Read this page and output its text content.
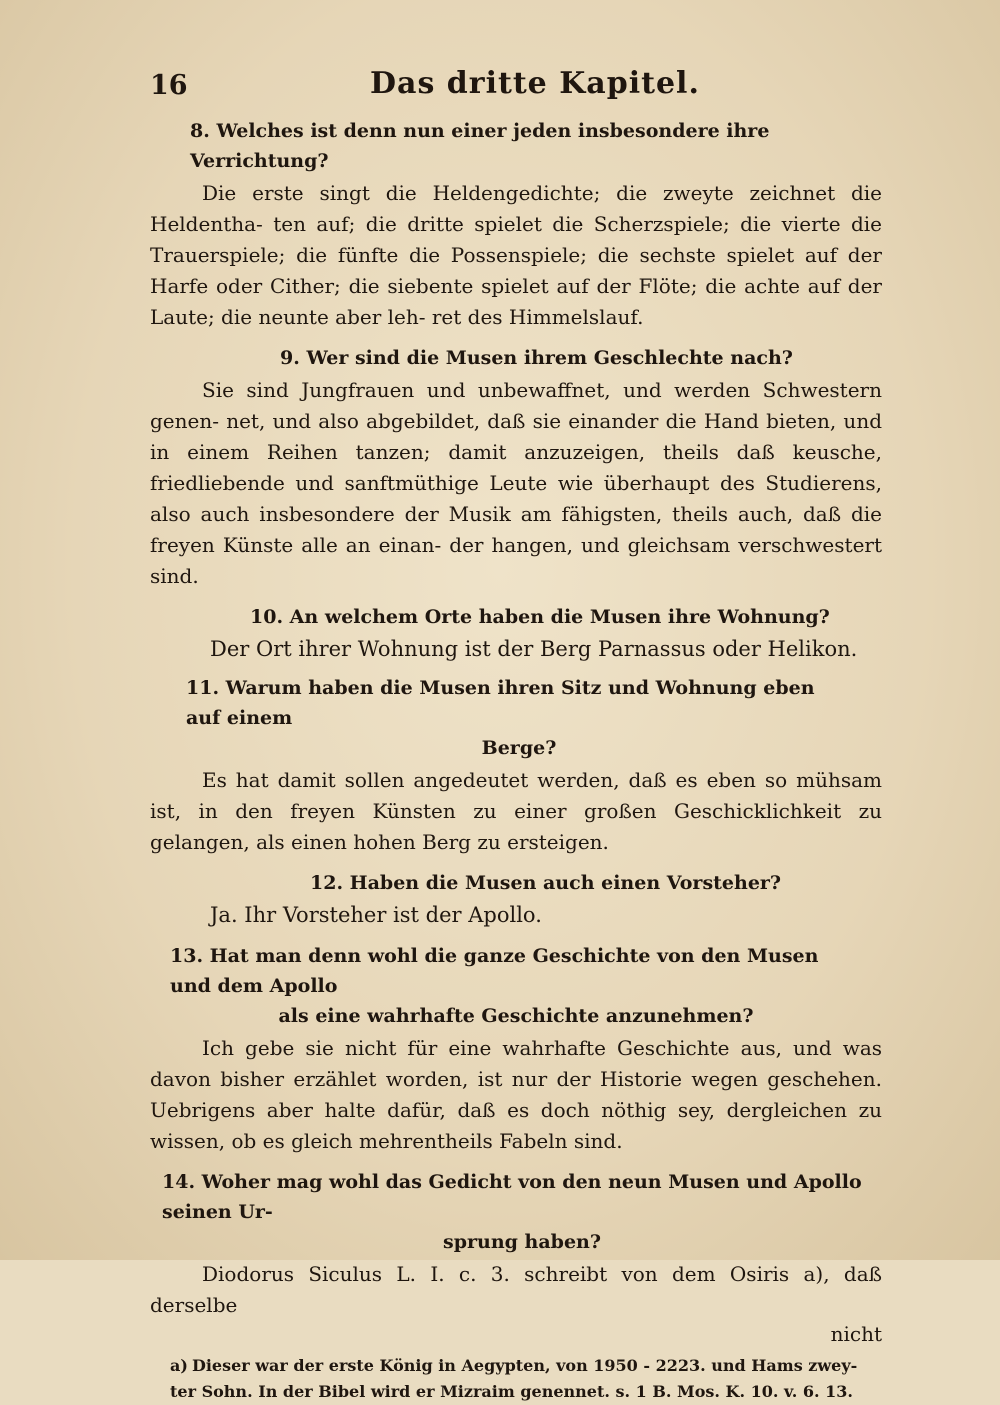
16	Das dritte Kapitel.

8. Welches ist denn nun einer jeden insbesondere ihre Verrichtung?

Die erste singt die Heldengedichte; die zweyte zeichnet die Heldentha- ten auf; die dritte spielet die Scherzspiele; die vierte die Trauerspiele; die fünfte die Possenspiele; die sechste spielet auf der Harfe oder Cither; die siebente spielet auf der Flöte; die achte auf der Laute; die neunte aber leh- ret des Himmelslauf.

9. Wer sind die Musen ihrem Geschlechte nach?

Sie sind Jungfrauen und unbewaffnet, und werden Schwestern genen- net, und also abgebildet, daß sie einander die Hand bieten, und in einem Reihen tanzen; damit anzuzeigen, theils daß keusche, friedliebende und sanftmüthige Leute wie überhaupt des Studierens, also auch insbesondere der Musik am fähigsten, theils auch, daß die freyen Künste alle an einan- der hangen, und gleichsam verschwestert sind.

10. An welchem Orte haben die Musen ihre Wohnung?

Der Ort ihrer Wohnung ist der Berg Parnassus oder Helikon.

11. Warum haben die Musen ihren Sitz und Wohnung eben auf einem
Berge?

Es hat damit sollen angedeutet werden, daß es eben so mühsam ist, in den freyen Künsten zu einer großen Geschicklichkeit zu gelangen, als einen hohen Berg zu ersteigen.

12. Haben die Musen auch einen Vorsteher?

Ja. Ihr Vorsteher ist der Apollo.

13. Hat man denn wohl die ganze Geschichte von den Musen und dem Apollo
als eine wahrhafte Geschichte anzunehmen?

Ich gebe sie nicht für eine wahrhafte Geschichte aus, und was davon bisher erzählet worden, ist nur der Historie wegen geschehen. Uebrigens aber halte dafür, daß es doch nöthig sey, dergleichen zu wissen, ob es gleich mehrentheils Fabeln sind.

14. Woher mag wohl das Gedicht von den neun Musen und Apollo seinen Ur-
sprung haben?

Diodorus Siculus L. I. c. 3. schreibt von dem Osiris a), daß derselbe

nicht

a) Dieser war der erste König in Aegypten, von 1950 - 2223. und Hams zwey-

ter Sohn. In der Bibel wird er Mizraim genennet. s. 1 B. Mos. K. 10. v. 6. 13.
